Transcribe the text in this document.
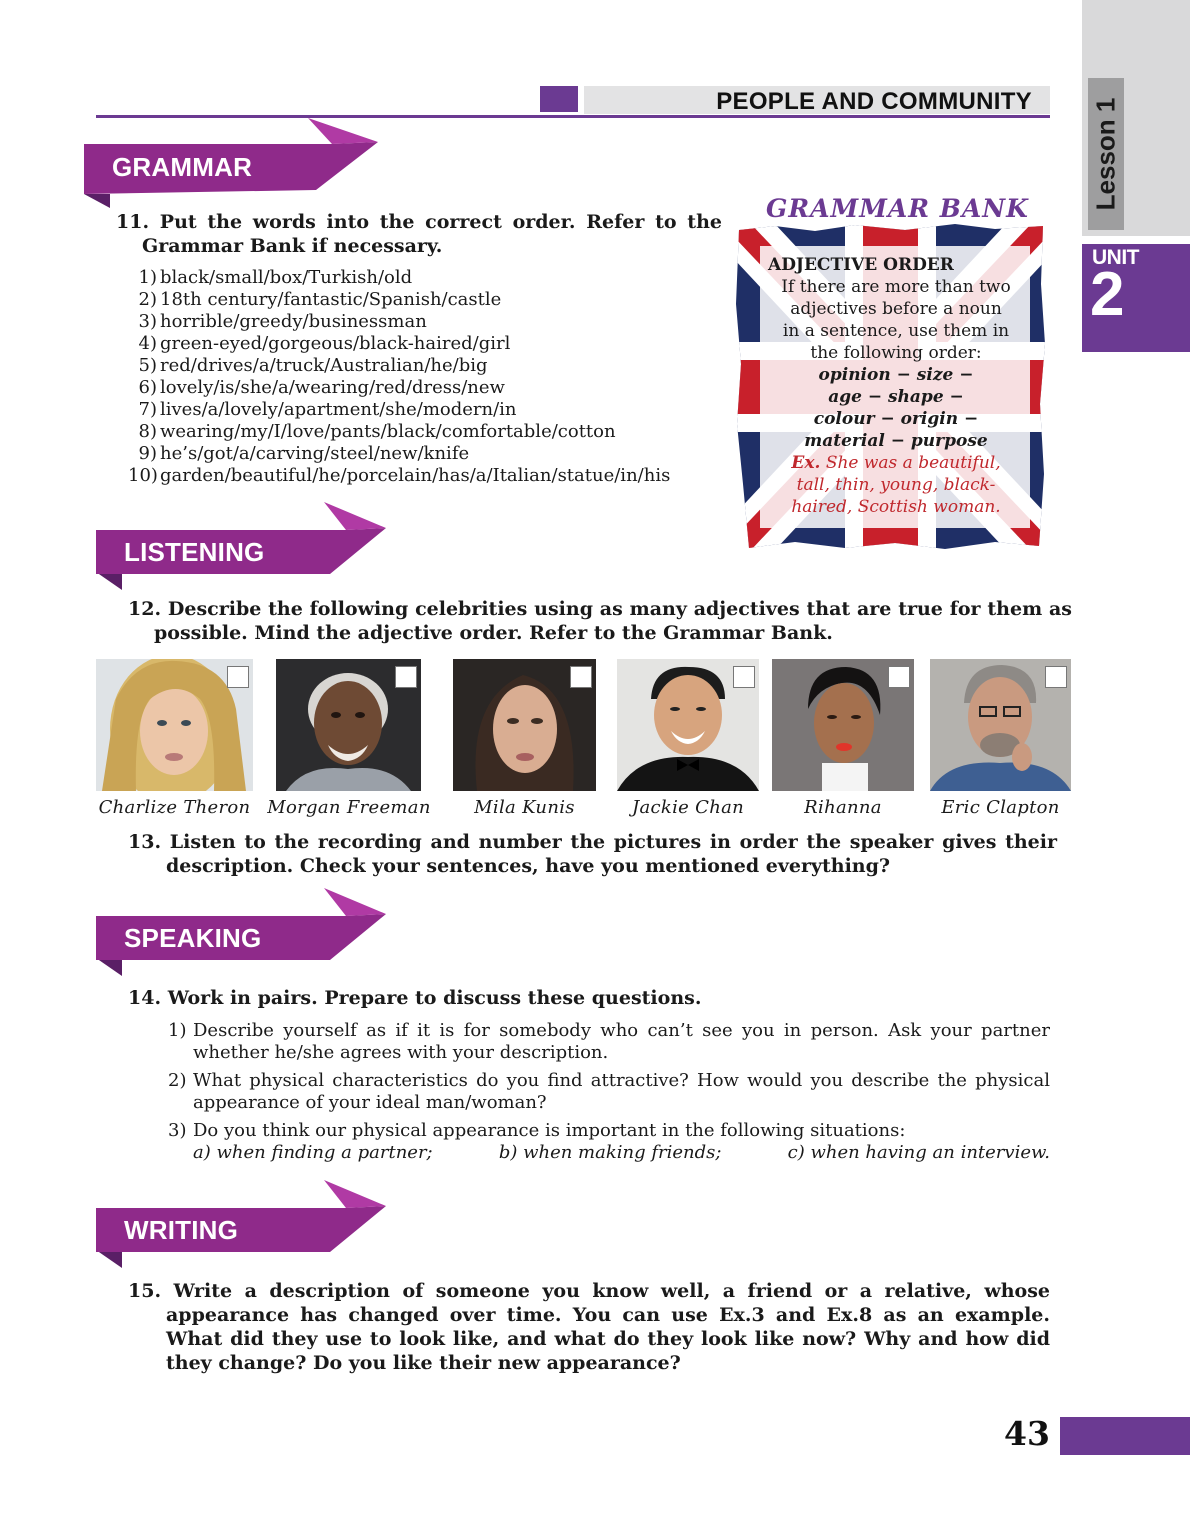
PEOPLE AND COMMUNITY	Lesson 1
UNIT
2
GRAMMAR
LISTENING
SPEAKING
WRITING
11. Put the words into the correct order. Refer to the Grammar Bank if necessary.
1) black/small/box/Turkish/old
2) 18th century/fantastic/Spanish/castle
3) horrible/greedy/businessman
4) green-eyed/gorgeous/black-haired/girl
5) red/drives/a/truck/Australian/he/big
6) lovely/is/she/a/wearing/red/dress/new
7) lives/a/lovely/apartment/she/modern/in
8) wearing/my/I/love/pants/black/comfortable/cotton
9) he’s/got/a/carving/steel/new/knife
10) garden/beautiful/he/porcelain/has/a/Italian/statue/in/his
GRAMMAR BANK
ADJECTIVE ORDER
If there are more than two
adjectives before a noun
in a sentence, use them in
the following order:
opinion − size −
age − shape −
colour − origin −
material − purpose
Ex. She was a beautiful,
tall, thin, young, black-
haired, Scottish woman.
12. Describe the following celebrities using as many adjectives that are true for them as possible. Mind the adjective order. Refer to the Grammar Bank.
Charlize Theron Morgan Freeman	Mila Kunis	Jackie Chan	Rihanna	Eric Clapton
13. Listen to the recording and number the pictures in order the speaker gives their description. Check your sentences, have you mentioned everything?
14. Work in pairs. Prepare to discuss these questions.
1) Describe yourself as if it is for somebody who can’t see you in person. Ask your partner whether he/she agrees with your description.
2) What physical characteristics do you find attractive? How would you describe the physical appearance of your ideal man/woman?
3) Do you think our physical appearance is important in the following situations:
a) when finding a partner;	b) when making friends;	c) when having an interview.
15. Write a description of someone you know well, a friend or a relative, whose appearance has changed over time. You can use Ex.3 and Ex.8 as an example. What did they use to look like, and what do they look like now? Why and how did they change? Do you like their new appearance?
43
